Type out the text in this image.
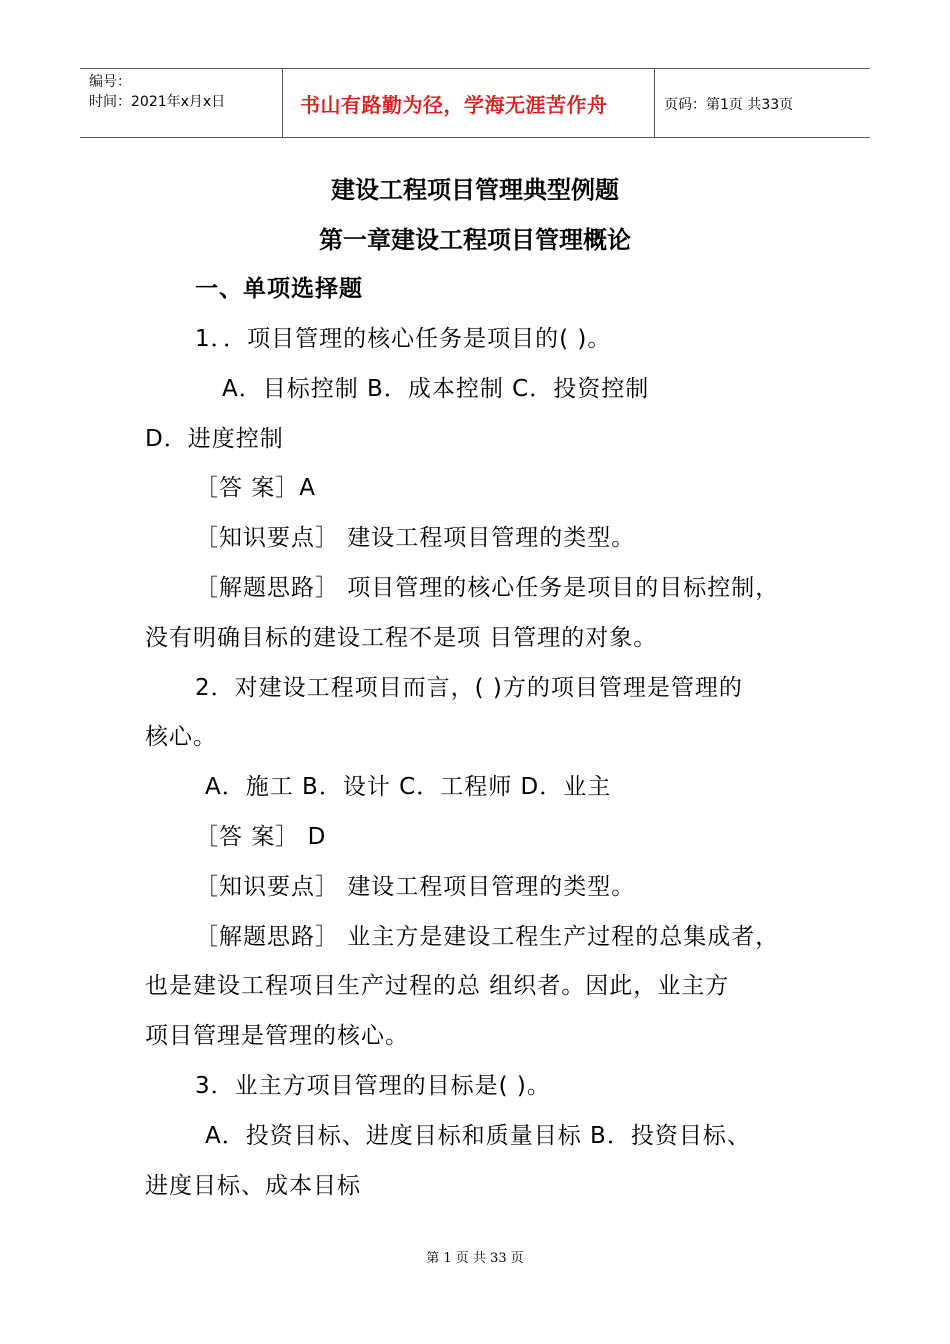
编号：
时间：2021年x月x日	书山有路勤为径，学海无涯苦作舟	页码：第1页 共33页
建设工程项目管理典型例题
第一章建设工程项目管理概论
一、单项选择题
1．．项目管理的核心任务是项目的( )。
A．目标控制 B．成本控制 C．投资控制
D．进度控制
［答 案］A
［知识要点］ 建设工程项目管理的类型。
［解题思路］ 项目管理的核心任务是项目的目标控制，
没有明确目标的建设工程不是项 目管理的对象。
2．对建设工程项目而言，( )方的项目管理是管理的
核心。
A．施工 B．设计 C．工程师 D．业主
［答 案］ D
［知识要点］ 建设工程项目管理的类型。
［解题思路］ 业主方是建设工程生产过程的总集成者，
也是建设工程项目生产过程的总 组织者。因此，业主方
项目管理是管理的核心。
3．业主方项目管理的目标是( )。
A．投资目标、进度目标和质量目标 B．投资目标、
进度目标、成本目标
第 1 页 共 33 页
